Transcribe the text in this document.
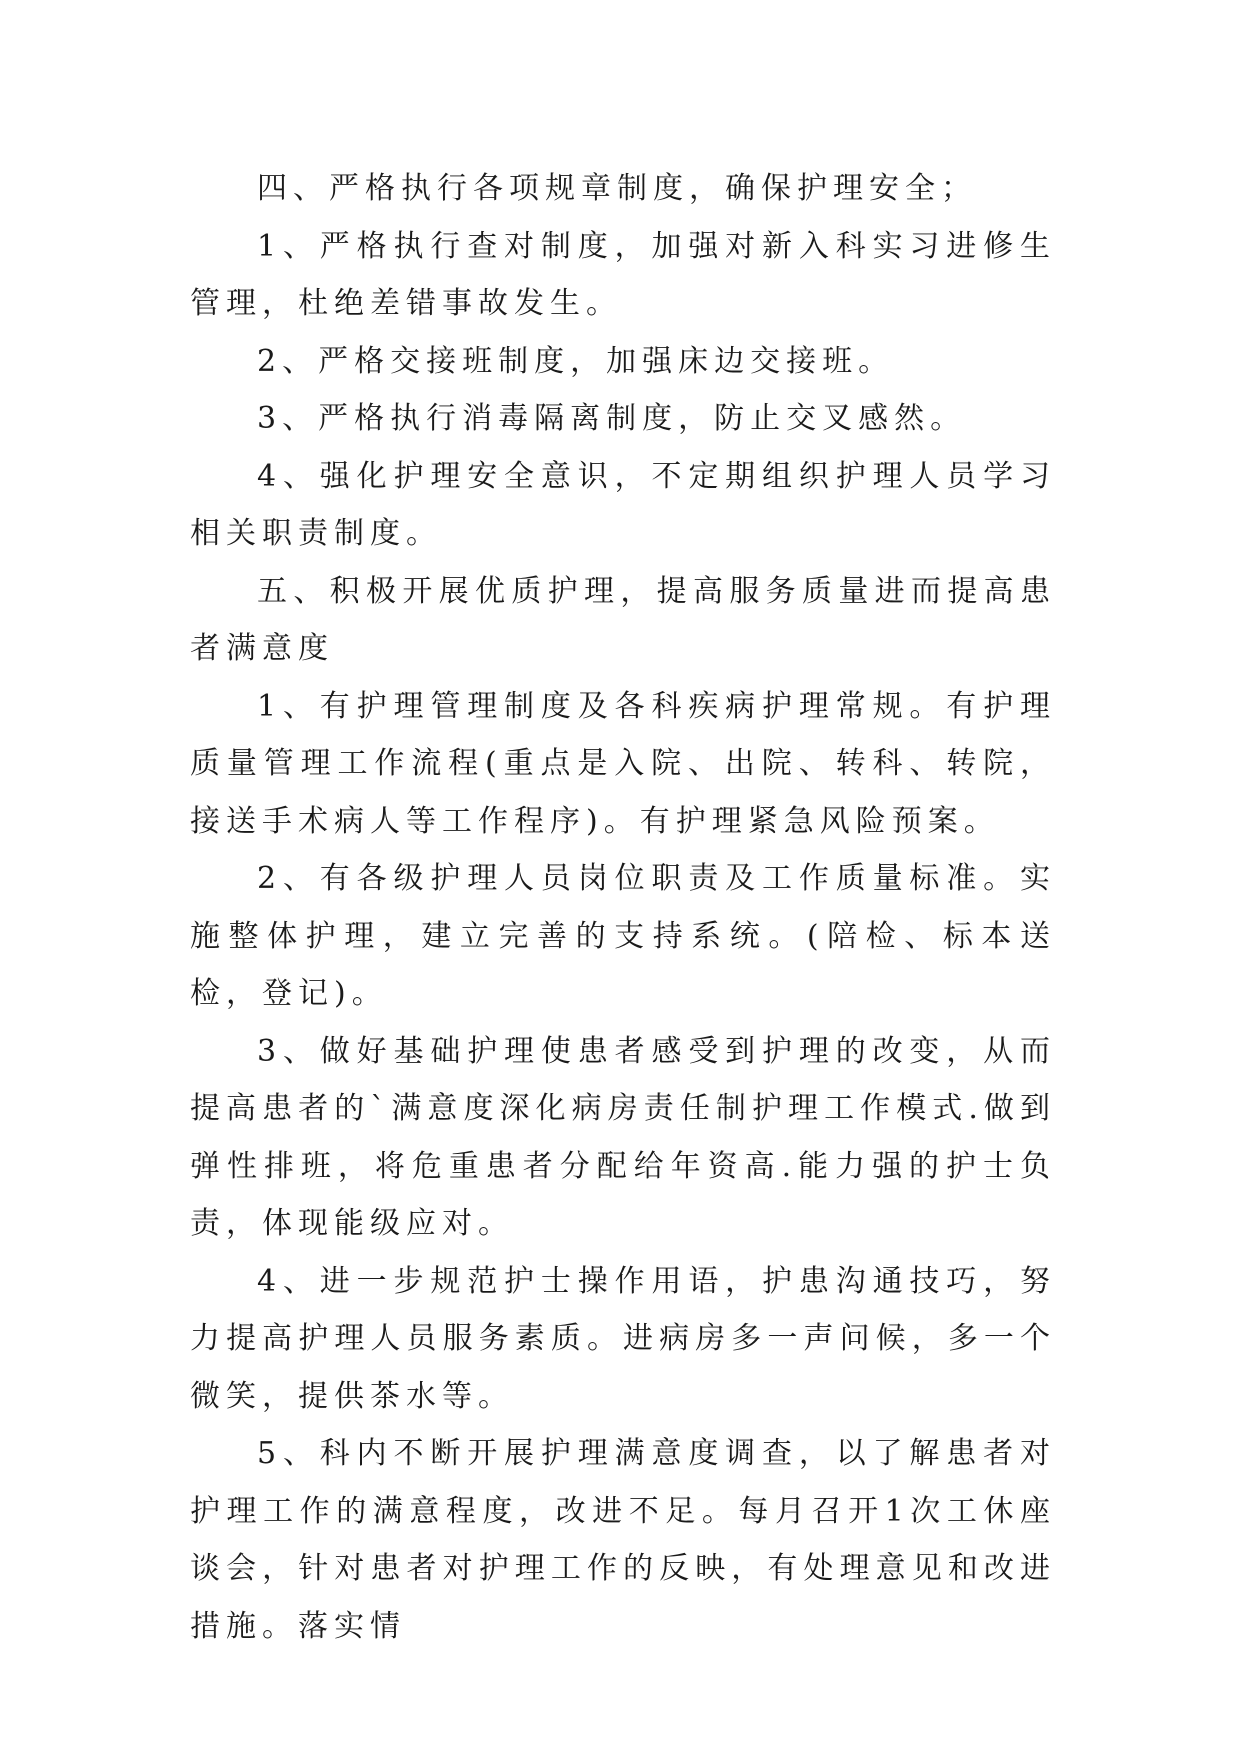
四、严格执行各项规章制度，确保护理安全；

1、严格执行查对制度，加强对新入科实习进修生管理，杜绝差错事故发生。

2、严格交接班制度，加强床边交接班。

3、严格执行消毒隔离制度，防止交叉感然。

4、强化护理安全意识，不定期组织护理人员学习相关职责制度。

五、积极开展优质护理，提高服务质量进而提高患者满意度

1、有护理管理制度及各科疾病护理常规。有护理质量管理工作流程(重点是入院、出院、转科、转院，接送手术病人等工作程序)。有护理紧急风险预案。

2、有各级护理人员岗位职责及工作质量标准。实施整体护理，建立完善的支持系统。(陪检、标本送检，登记)。

3、做好基础护理使患者感受到护理的改变，从而提高患者的`满意度深化病房责任制护理工作模式.做到弹性排班，将危重患者分配给年资高.能力强的护士负责，体现能级应对。

4、进一步规范护士操作用语，护患沟通技巧，努力提高护理人员服务素质。进病房多一声问候，多一个微笑，提供茶水等。

5、科内不断开展护理满意度调查，以了解患者对护理工作的满意程度，改进不足。每月召开1次工休座谈会，针对患者对护理工作的反映，有处理意见和改进措施。落实情
